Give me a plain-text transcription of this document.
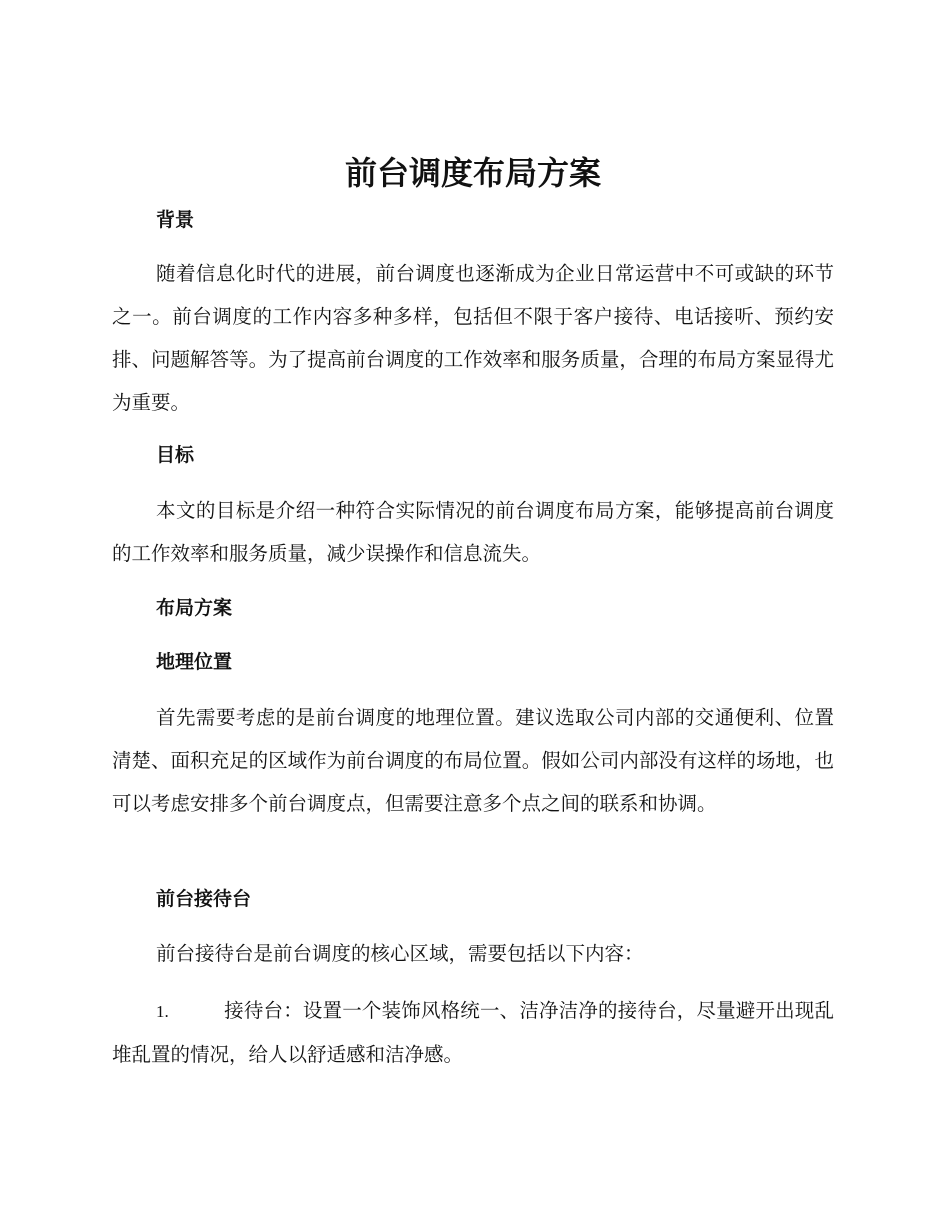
前台调度布局方案
背景

随着信息化时代的进展，前台调度也逐渐成为企业日常运营中不可或缺的环节之一。前台调度的工作内容多种多样，包括但不限于客户接待、电话接听、预约安排、问题解答等。为了提高前台调度的工作效率和服务质量，合理的布局方案显得尤为重要。

目标

本文的目标是介绍一种符合实际情况的前台调度布局方案，能够提高前台调度的工作效率和服务质量，减少误操作和信息流失。

布局方案
地理位置

首先需要考虑的是前台调度的地理位置。建议选取公司内部的交通便利、位置清楚、面积充足的区域作为前台调度的布局位置。假如公司内部没有这样的场地，也可以考虑安排多个前台调度点，但需要注意多个点之间的联系和协调。

前台接待台

前台接待台是前台调度的核心区域，需要包括以下内容：

1.	接待台：设置一个装饰风格统一、洁净洁净的接待台，尽量避开出现乱堆乱置的情况，给人以舒适感和洁净感。
